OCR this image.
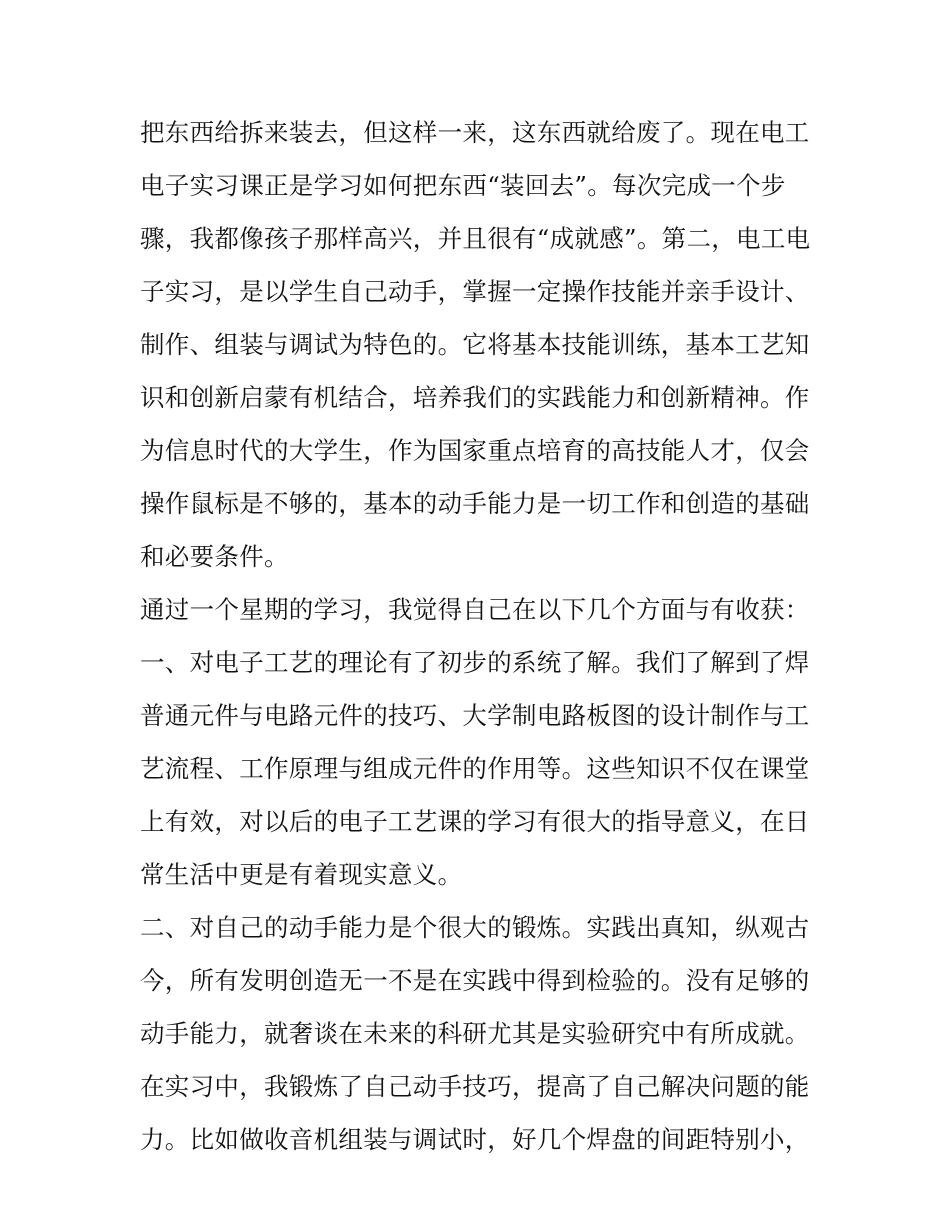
把东西给拆来装去，但这样一来，这东西就给废了。现在电工
电子实习课正是学习如何把东西“装回去”。每次完成一个步
骤，我都像孩子那样高兴，并且很有“成就感”。第二，电工电
子实习，是以学生自己动手，掌握一定操作技能并亲手设计、
制作、组装与调试为特色的。它将基本技能训练，基本工艺知
识和创新启蒙有机结合，培养我们的实践能力和创新精神。作
为信息时代的大学生，作为国家重点培育的高技能人才，仅会
操作鼠标是不够的，基本的动手能力是一切工作和创造的基础
和必要条件。
通过一个星期的学习，我觉得自己在以下几个方面与有收获：
一、对电子工艺的理论有了初步的系统了解。我们了解到了焊
普通元件与电路元件的技巧、大学制电路板图的设计制作与工
艺流程、工作原理与组成元件的作用等。这些知识不仅在课堂
上有效，对以后的电子工艺课的学习有很大的指导意义，在日
常生活中更是有着现实意义。
二、对自己的动手能力是个很大的锻炼。实践出真知，纵观古
今，所有发明创造无一不是在实践中得到检验的。没有足够的
动手能力，就奢谈在未来的科研尤其是实验研究中有所成就。
在实习中，我锻炼了自己动手技巧，提高了自己解决问题的能
力。比如做收音机组装与调试时，好几个焊盘的间距特别小，
